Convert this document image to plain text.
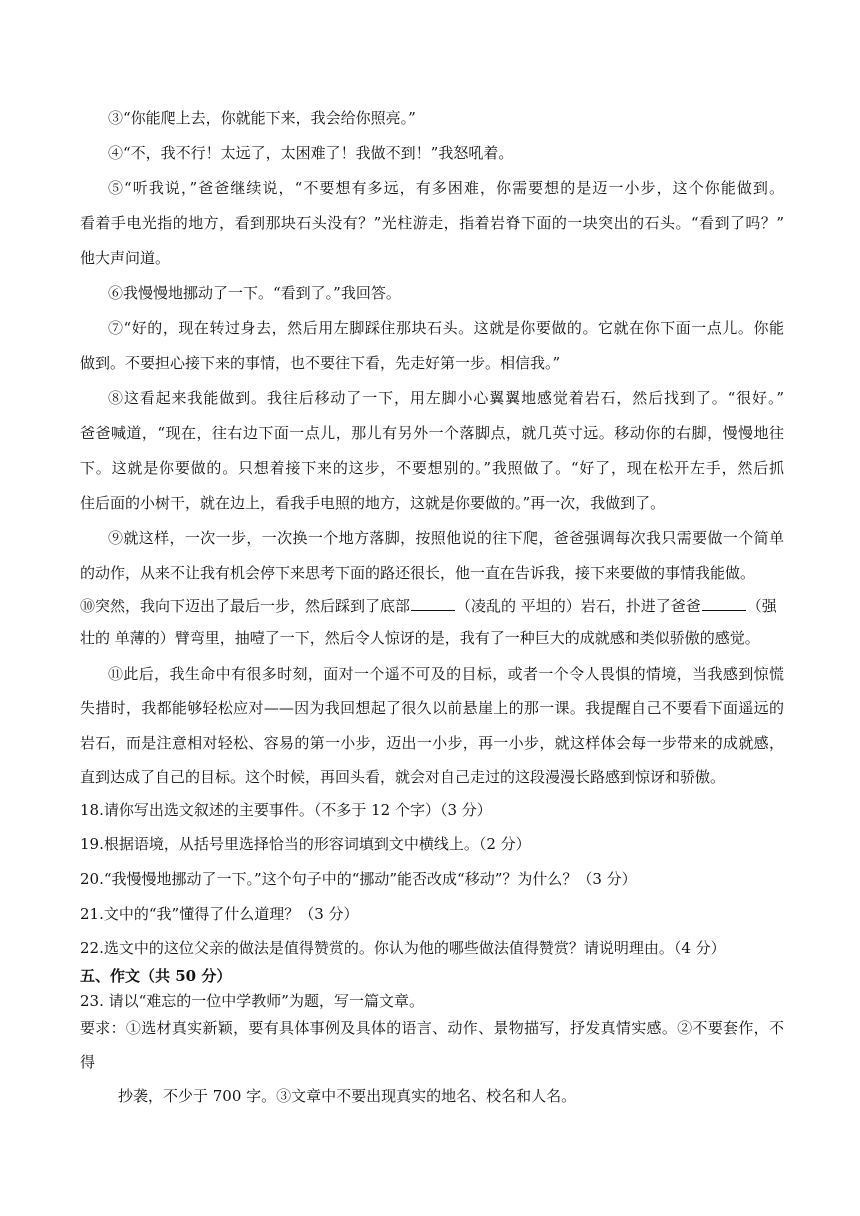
③“你能爬上去，你就能下来，我会给你照亮。”
④“不，我不行！太远了，太困难了！我做不到！”我怒吼着。
⑤“听我说，”爸爸继续说，“不要想有多远，有多困难，你需要想的是迈一小步，这个你能做到。
看着手电光指的地方，看到那块石头没有？”光柱游走，指着岩脊下面的一块突出的石头。“看到了吗？”
他大声问道。
⑥我慢慢地挪动了一下。“看到了。”我回答。
⑦“好的，现在转过身去，然后用左脚踩住那块石头。这就是你要做的。它就在你下面一点儿。你能
做到。不要担心接下来的事情，也不要往下看，先走好第一步。相信我。”
⑧这看起来我能做到。我往后移动了一下，用左脚小心翼翼地感觉着岩石，然后找到了。“很好。”
爸爸喊道，“现在，往右边下面一点儿，那儿有另外一个落脚点，就几英寸远。移动你的右脚，慢慢地往
下。这就是你要做的。只想着接下来的这步，不要想别的。”我照做了。“好了，现在松开左手，然后抓
住后面的小树干，就在边上，看我手电照的地方，这就是你要做的。”再一次，我做到了。
⑨就这样，一次一步，一次换一个地方落脚，按照他说的往下爬，爸爸强调每次我只需要做一个简单
的动作，从来不让我有机会停下来思考下面的路还很长，他一直在告诉我，接下来要做的事情我能做。
⑩突然，我向下迈出了最后一步，然后踩到了底部	（凌乱的 平坦的）岩石，扑进了爸爸	（强
壮的 单薄的）臂弯里，抽噎了一下，然后令人惊讶的是，我有了一种巨大的成就感和类似骄傲的感觉。
⑪此后，我生命中有很多时刻，面对一个遥不可及的目标，或者一个令人畏惧的情境，当我感到惊慌
失措时，我都能够轻松应对——因为我回想起了很久以前悬崖上的那一课。我提醒自己不要看下面遥远的
岩石，而是注意相对轻松、容易的第一小步，迈出一小步，再一小步，就这样体会每一步带来的成就感，
直到达成了自己的目标。这个时候，再回头看，就会对自己走过的这段漫漫长路感到惊讶和骄傲。
18.请你写出选文叙述的主要事件。（不多于 12 个字）（3 分）
19.根据语境，从括号里选择恰当的形容词填到文中横线上。（2 分）
20.“我慢慢地挪动了一下。”这个句子中的“挪动”能否改成“移动”？为什么？（3 分）
21.文中的“我”懂得了什么道理？（3 分）
22.选文中的这位父亲的做法是值得赞赏的。你认为他的哪些做法值得赞赏？请说明理由。（4 分）
五、作文（共 50 分）
23. 请以“难忘的一位中学教师”为题，写一篇文章。
要求：①选材真实新颖，要有具体事例及具体的语言、动作、景物描写，抒发真情实感。②不要套作，不
得
抄袭，不少于 700 字。③文章中不要出现真实的地名、校名和人名。
